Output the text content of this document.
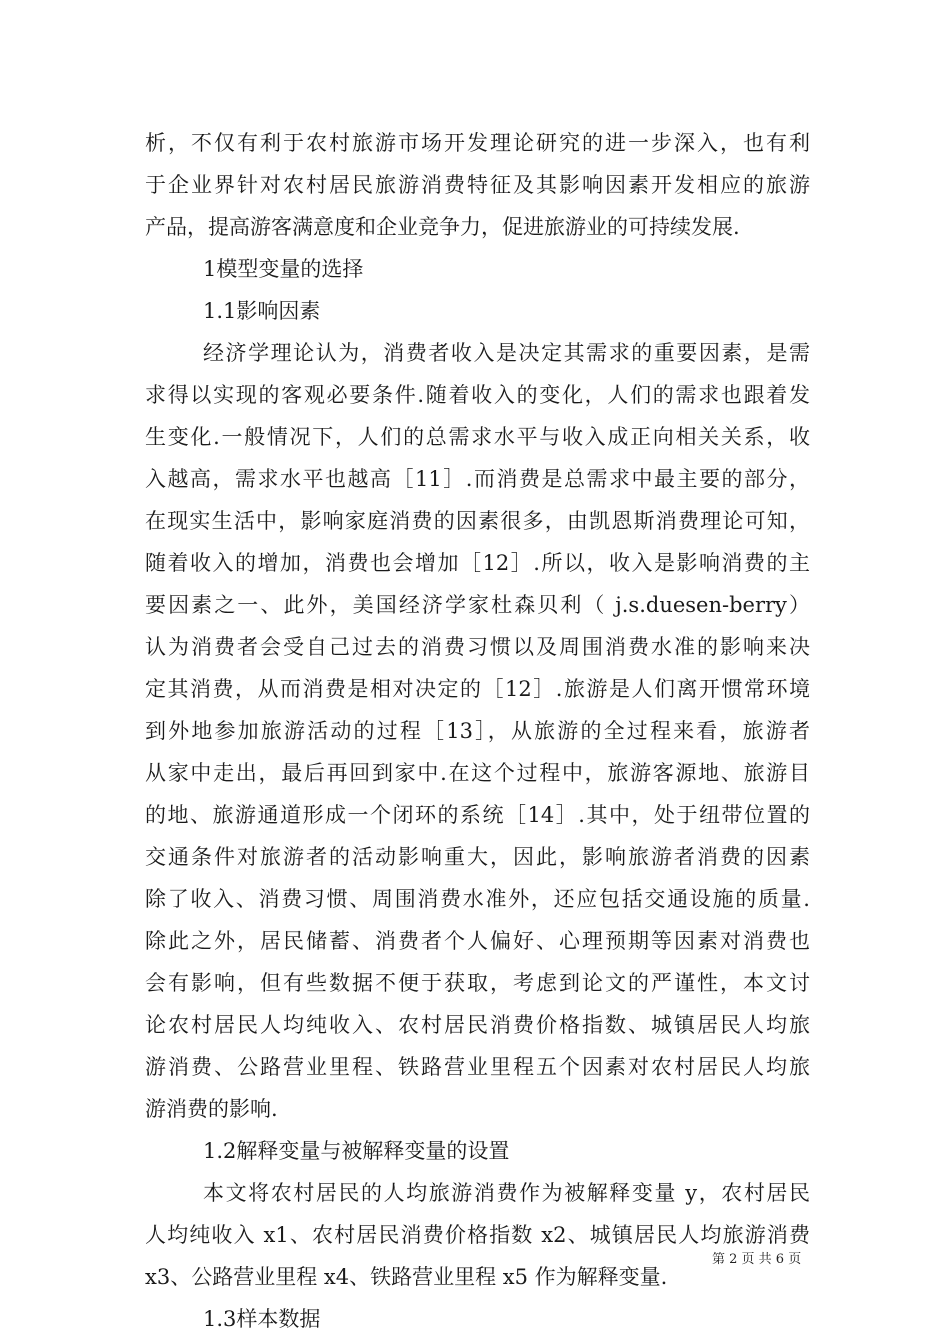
析，不仅有利于农村旅游市场开发理论研究的进一步深入，也有利
于企业界针对农村居民旅游消费特征及其影响因素开发相应的旅游
产品，提高游客满意度和企业竞争力，促进旅游业的可持续发展.
1模型变量的选择
1.1影响因素
经济学理论认为，消费者收入是决定其需求的重要因素，是需
求得以实现的客观必要条件.随着收入的变化，人们的需求也跟着发
生变化.一般情况下，人们的总需求水平与收入成正向相关关系，收
入越高，需求水平也越高［11］.而消费是总需求中最主要的部分，
在现实生活中，影响家庭消费的因素很多，由凯恩斯消费理论可知，
随着收入的增加，消费也会增加［12］.所以，收入是影响消费的主
要因素之一、此外，美国经济学家杜森贝利（ j.s.duesen-berry）
认为消费者会受自己过去的消费习惯以及周围消费水准的影响来决
定其消费，从而消费是相对决定的［12］.旅游是人们离开惯常环境
到外地参加旅游活动的过程［13］，从旅游的全过程来看，旅游者
从家中走出，最后再回到家中.在这个过程中，旅游客源地、旅游目
的地、旅游通道形成一个闭环的系统［14］.其中，处于纽带位置的
交通条件对旅游者的活动影响重大，因此，影响旅游者消费的因素
除了收入、消费习惯、周围消费水准外，还应包括交通设施的质量.
除此之外，居民储蓄、消费者个人偏好、心理预期等因素对消费也
会有影响，但有些数据不便于获取，考虑到论文的严谨性，本文讨
论农村居民人均纯收入、农村居民消费价格指数、城镇居民人均旅
游消费、公路营业里程、铁路营业里程五个因素对农村居民人均旅
游消费的影响.
1.2解释变量与被解释变量的设置
本文将农村居民的人均旅游消费作为被解释变量 y，农村居民
人均纯收入 x1、农村居民消费价格指数 x2、城镇居民人均旅游消费
x3、公路营业里程 x4、铁路营业里程 x5 作为解释变量.
1.3样本数据
第 2 页 共 6 页
